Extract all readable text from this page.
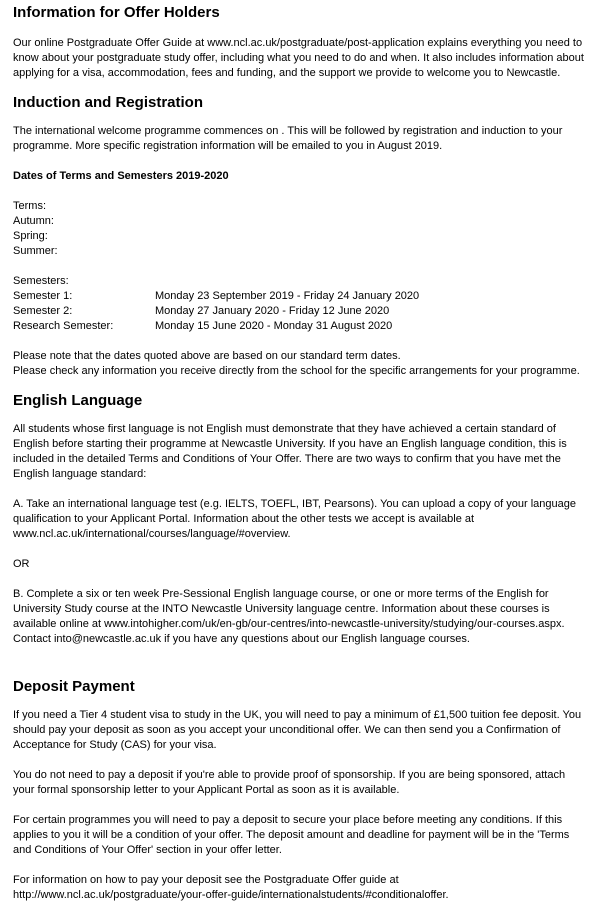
Information for Offer Holders

Our online Postgraduate Offer Guide at www.ncl.ac.uk/postgraduate/post-application explains everything you need to know about your postgraduate study offer, including what you need to do and when. It also includes information about applying for a visa, accommodation, fees and funding, and the support we provide to welcome you to Newcastle.

Induction and Registration

The international welcome programme commences on . This will be followed by registration and induction to your programme. More specific registration information will be emailed to you in August 2019.

Dates of Terms and Semesters 2019-2020
Terms:
Autumn:
Spring:
Summer:
Semesters:
Semester 1:	Monday 23 September 2019 - Friday 24 January 2020
Semester 2:	Monday 27 January 2020 - Friday 12 June 2020
Research Semester:	Monday 15 June 2020 - Monday 31 August 2020
Please note that the dates quoted above are based on our standard term dates.
Please check any information you receive directly from the school for the specific arrangements for your programme.
English Language

All students whose first language is not English must demonstrate that they have achieved a certain standard of English before starting their programme at Newcastle University. If you have an English language condition, this is included in the detailed Terms and Conditions of Your Offer. There are two ways to confirm that you have met the English language standard:

A. Take an international language test (e.g. IELTS, TOEFL, IBT, Pearsons). You can upload a copy of your language qualification to your Applicant Portal. Information about the other tests we accept is available at www.ncl.ac.uk/international/courses/language/#overview.

OR

B. Complete a six or ten week Pre-Sessional English language course, or one or more terms of the English for University Study course at the INTO Newcastle University language centre. Information about these courses is available online at www.intohigher.com/uk/en-gb/our-centres/into-newcastle-university/studying/our-courses.aspx. Contact into@newcastle.ac.uk if you have any questions about our English language courses.

Deposit Payment

If you need a Tier 4 student visa to study in the UK, you will need to pay a minimum of £1,500 tuition fee deposit. You should pay your deposit as soon as you accept your unconditional offer. We can then send you a Confirmation of Acceptance for Study (CAS) for your visa.

You do not need to pay a deposit if you're able to provide proof of sponsorship. If you are being sponsored, attach your formal sponsorship letter to your Applicant Portal as soon as it is available.

For certain programmes you will need to pay a deposit to secure your place before meeting any conditions. If this applies to you it will be a condition of your offer. The deposit amount and deadline for payment will be in the 'Terms and Conditions of Your Offer' section in your offer letter.

For information on how to pay your deposit see the Postgraduate Offer guide at
http://www.ncl.ac.uk/postgraduate/your-offer-guide/internationalstudents/#conditionaloffer.
